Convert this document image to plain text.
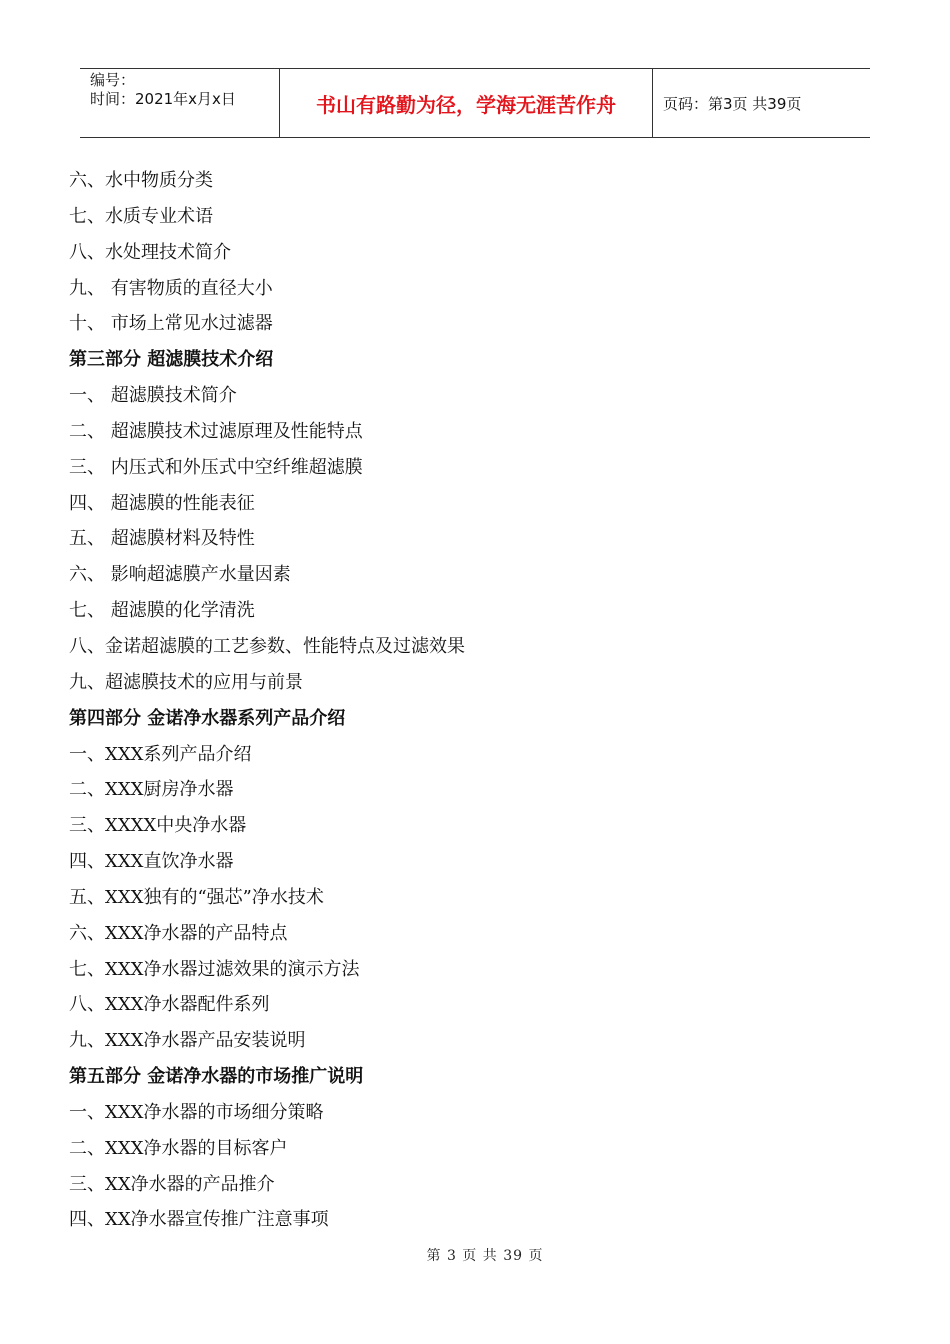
编号：
时间：2021年x月x日	书山有路勤为径，学海无涯苦作舟	页码：第3页 共39页
六、水中物质分类
七、水质专业术语
八、水处理技术简介
九、 有害物质的直径大小
十、 市场上常见水过滤器
第三部分 超滤膜技术介绍
一、 超滤膜技术简介
二、 超滤膜技术过滤原理及性能特点
三、 内压式和外压式中空纤维超滤膜
四、 超滤膜的性能表征
五、 超滤膜材料及特性
六、 影响超滤膜产水量因素
七、 超滤膜的化学清洗
八、金诺超滤膜的工艺参数、性能特点及过滤效果
九、超滤膜技术的应用与前景
第四部分 金诺净水器系列产品介绍
一、XXX系列产品介绍
二、XXX厨房净水器
三、XXXX中央净水器
四、XXX直饮净水器
五、XXX独有的“强芯”净水技术
六、XXX净水器的产品特点
七、XXX净水器过滤效果的演示方法
八、XXX净水器配件系列
九、XXX净水器产品安装说明
第五部分 金诺净水器的市场推广说明
一、XXX净水器的市场细分策略
二、XXX净水器的目标客户
三、XX净水器的产品推介
四、XX净水器宣传推广注意事项
第 3 页 共 39 页
